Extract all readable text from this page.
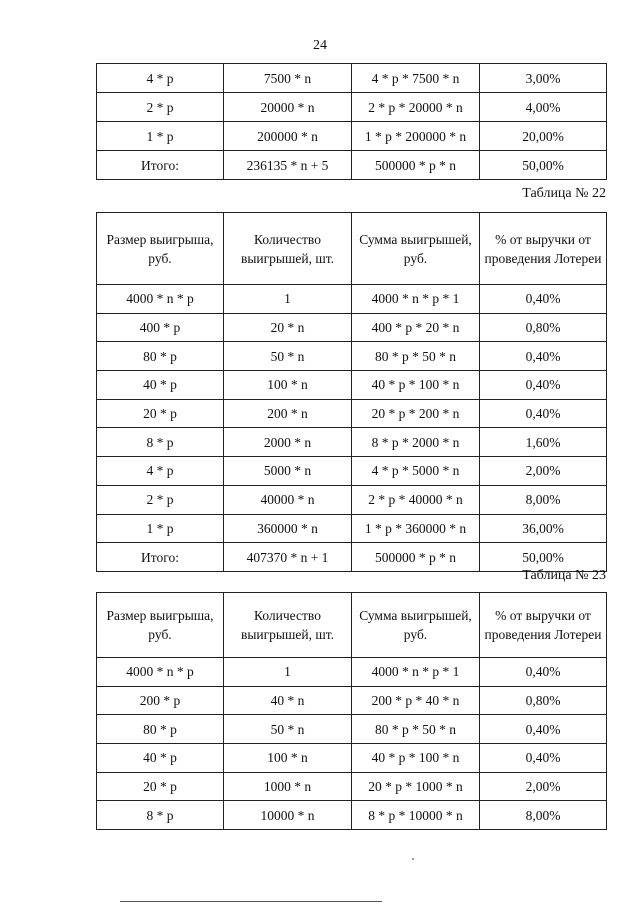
24
4 * p	7500 * n	4 * p * 7500 * n	3,00%
2 * p	20000 * n	2 * p * 20000 * n	4,00%
1 * p	200000 * n	1 * p * 200000 * n	20,00%
Итого:	236135 * n + 5	500000 * p * n	50,00%
Таблица № 22
Размер выигрыша, руб.	Количество выигрышей, шт.	Сумма выигрышей, руб.	% от выручки от проведения Лотереи
4000 * n * p	1	4000 * n * p * 1	0,40%
400 * p	20 * n	400 * p * 20 * n	0,80%
80 * p	50 * n	80 * p * 50 * n	0,40%
40 * p	100 * n	40 * p * 100 * n	0,40%
20 * p	200 * n	20 * p * 200 * n	0,40%
8 * p	2000 * n	8 * p * 2000 * n	1,60%
4 * p	5000 * n	4 * p * 5000 * n	2,00%
2 * p	40000 * n	2 * p * 40000 * n	8,00%
1 * p	360000 * n	1 * p * 360000 * n	36,00%
Итого:	407370 * n + 1	500000 * p * n	50,00%
Таблица № 23
Размер выигрыша, руб.	Количество выигрышей, шт.	Сумма выигрышей, руб.	% от выручки от проведения Лотереи
4000 * n * p	1	4000 * n * p * 1	0,40%
200 * p	40 * n	200 * p * 40 * n	0,80%
80 * p	50 * n	80 * p * 50 * n	0,40%
40 * p	100 * n	40 * p * 100 * n	0,40%
20 * p	1000 * n	20 * p * 1000 * n	2,00%
8 * p	10000 * n	8 * p * 10000 * n	8,00%
